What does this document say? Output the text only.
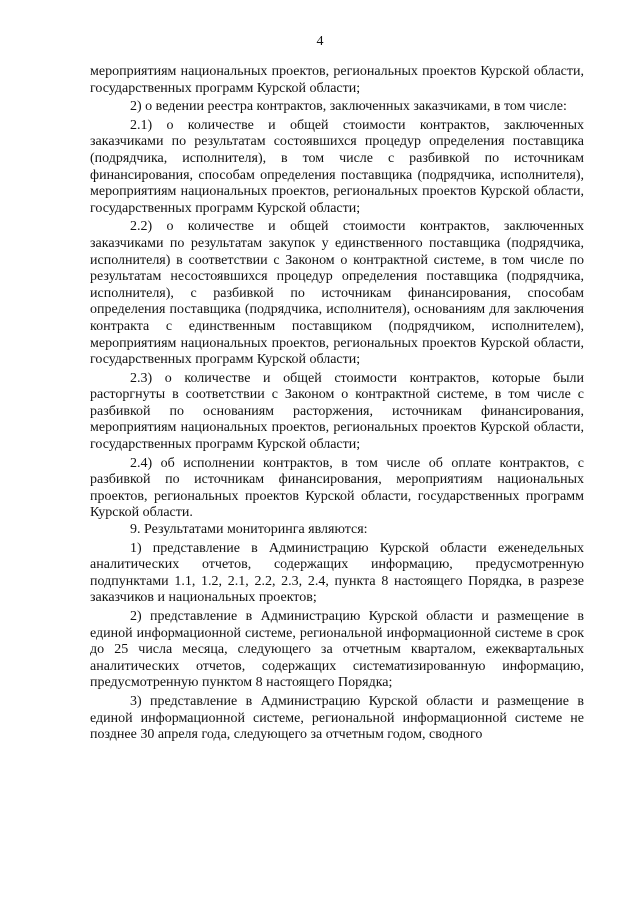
4

мероприятиям национальных проектов, региональных проектов Курской области, государственных программ Курской области;

2) о ведении реестра контрактов, заключенных заказчиками, в том числе:

2.1) о количестве и общей стоимости контрактов, заключенных заказчиками по результатам состоявшихся процедур определения поставщика (подрядчика, исполнителя), в том числе с разбивкой по источникам финансирования, способам определения поставщика (подрядчика, исполнителя), мероприятиям национальных проектов, региональных проектов Курской области, государственных программ Курской области;

2.2) о количестве и общей стоимости контрактов, заключенных заказчиками по результатам закупок у единственного поставщика (подрядчика, исполнителя) в соответствии с Законом о контрактной системе, в том числе по результатам несостоявшихся процедур определения поставщика (подрядчика, исполнителя), с разбивкой по источникам финансирования, способам определения поставщика (подрядчика, исполнителя), основаниям для заключения контракта с единственным поставщиком (подрядчиком, исполнителем), мероприятиям национальных проектов, региональных проектов Курской области, государственных программ Курской области;

2.3) о количестве и общей стоимости контрактов, которые были расторгнуты в соответствии с Законом о контрактной системе, в том числе с разбивкой по основаниям расторжения, источникам финансирования, мероприятиям национальных проектов, региональных проектов Курской области, государственных программ Курской области;

2.4) об исполнении контрактов, в том числе об оплате контрактов, с разбивкой по источникам финансирования, мероприятиям национальных проектов, региональных проектов Курской области, государственных программ Курской области.

9. Результатами мониторинга являются:

1) представление в Администрацию Курской области еженедельных аналитических отчетов, содержащих информацию, предусмотренную подпунктами 1.1, 1.2, 2.1, 2.2, 2.3, 2.4, пункта 8 настоящего Порядка, в разрезе заказчиков и национальных проектов;

2) представление в Администрацию Курской области и размещение в единой информационной системе, региональной информационной системе в срок до 25 числа месяца, следующего за отчетным кварталом, ежеквартальных аналитических отчетов, содержащих систематизированную информацию, предусмотренную пунктом 8 настоящего Порядка;

3) представление в Администрацию Курской области и размещение в единой информационной системе, региональной информационной системе не позднее 30 апреля года, следующего за отчетным годом, сводного
